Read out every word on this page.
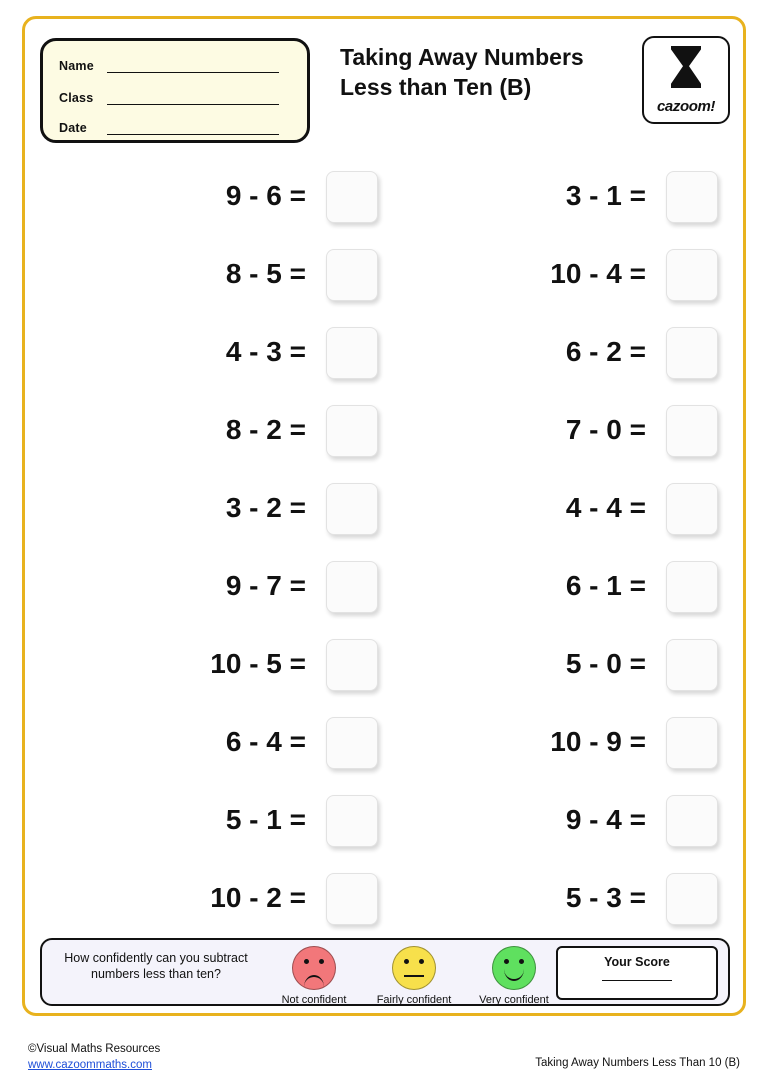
Name
Class
Date
Taking Away Numbers Less than Ten (B)
cazoom!
9 - 6 =
8 - 5 =
4 - 3 =
8 - 2 =
3 - 2 =
9 - 7 =
10 - 5 =
6 - 4 =
5 - 1 =
10 - 2 =
3 - 1 =
10 - 4 =
6 - 2 =
7 - 0 =
4 - 4 =
6 - 1 =
5 - 0 =
10 - 9 =
9 - 4 =
5 - 3 =
How confidently can you subtract numbers less than ten?
Not confident	Fairly confident	Very confident
Your Score
©Visual Maths Resources
www.cazoommaths.com	Taking Away Numbers Less Than 10 (B)
